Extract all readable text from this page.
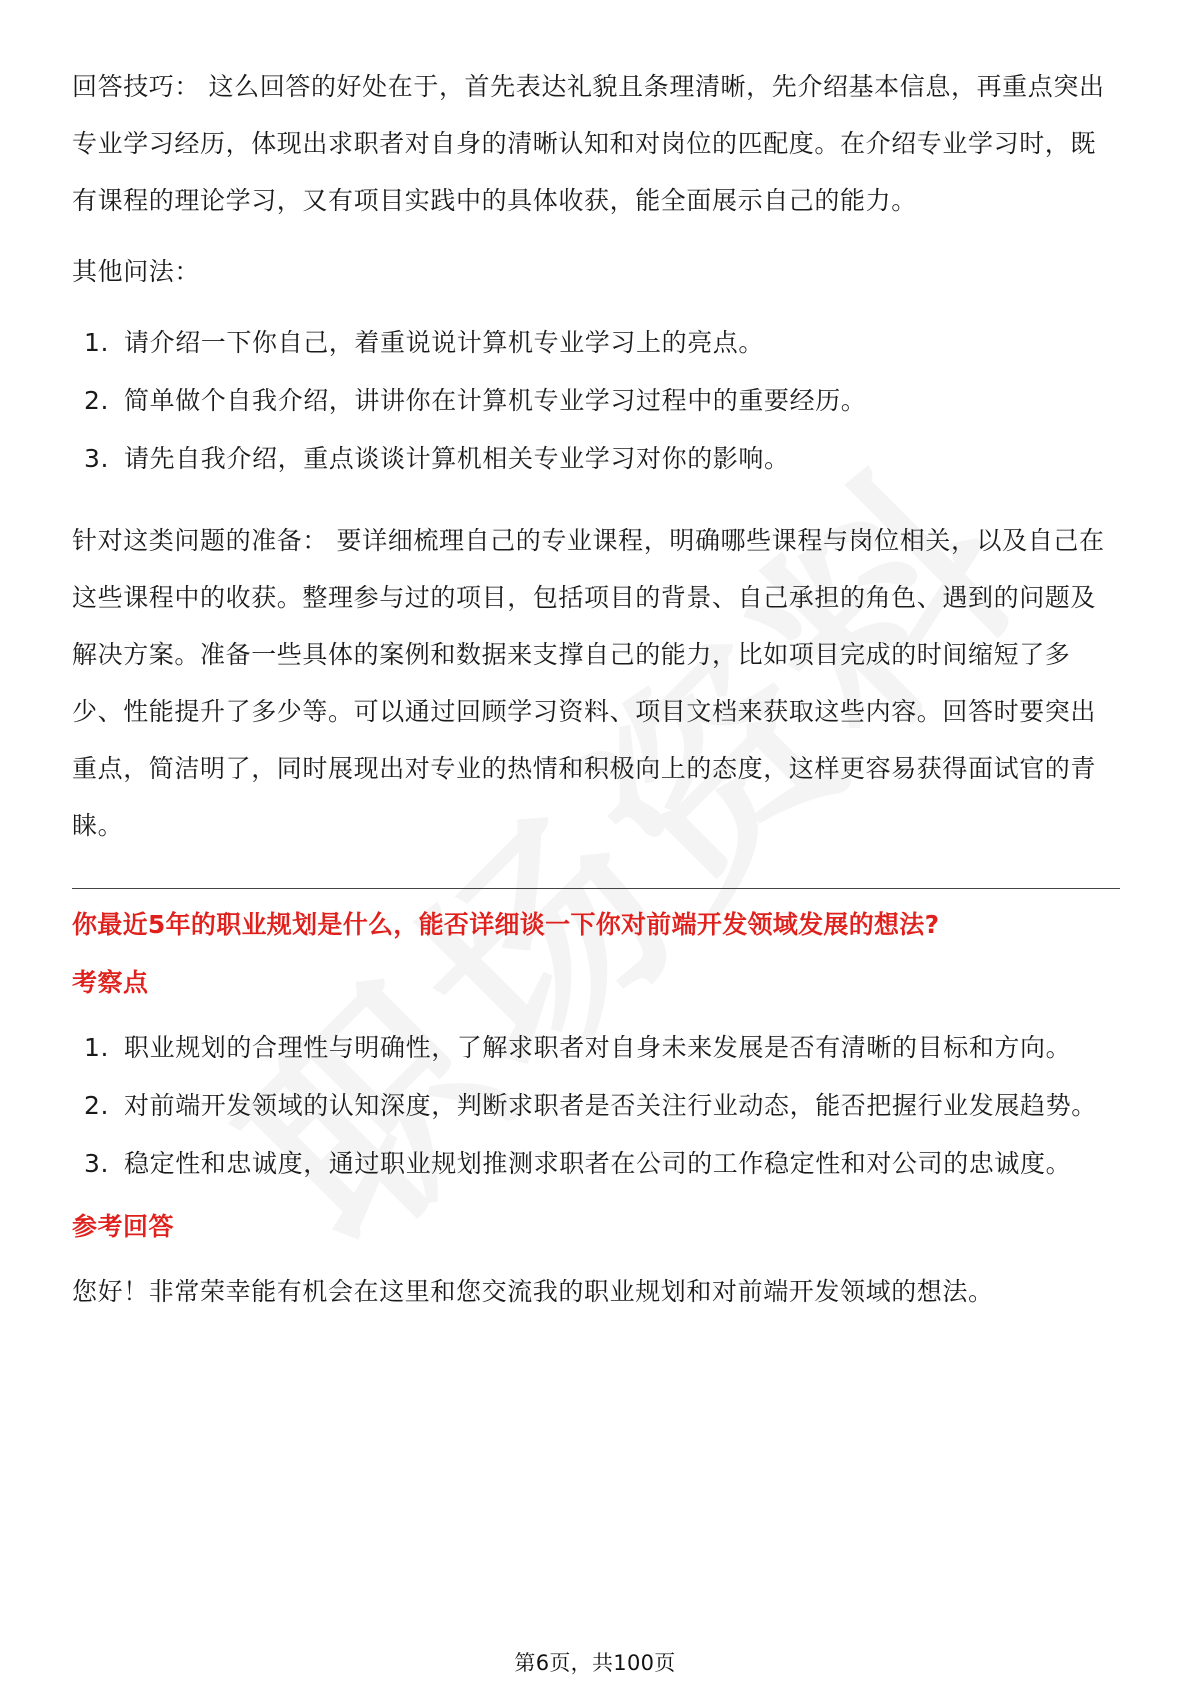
回答技巧： 这么回答的好处在于，首先表达礼貌且条理清晰，先介绍基本信息，再重点突出专业学习经历，体现出求职者对自身的清晰认知和对岗位的匹配度。在介绍专业学习时，既有课程的理论学习，又有项目实践中的具体收获，能全面展示自己的能力。

其他问法：

1. 请介绍一下你自己，着重说说计算机专业学习上的亮点。
2. 简单做个自我介绍，讲讲你在计算机专业学习过程中的重要经历。
3. 请先自我介绍，重点谈谈计算机相关专业学习对你的影响。

针对这类问题的准备： 要详细梳理自己的专业课程，明确哪些课程与岗位相关，以及自己在这些课程中的收获。整理参与过的项目，包括项目的背景、自己承担的角色、遇到的问题及解决方案。准备一些具体的案例和数据来支撑自己的能力，比如项目完成的时间缩短了多少、性能提升了多少等。可以通过回顾学习资料、项目文档来获取这些内容。回答时要突出重点，简洁明了，同时展现出对专业的热情和积极向上的态度，这样更容易获得面试官的青睐。

你最近5年的职业规划是什么，能否详细谈一下你对前端开发领域发展的想法?

考察点

1. 职业规划的合理性与明确性，了解求职者对自身未来发展是否有清晰的目标和方向。
2. 对前端开发领域的认知深度，判断求职者是否关注行业动态，能否把握行业发展趋势。
3. 稳定性和忠诚度，通过职业规划推测求职者在公司的工作稳定性和对公司的忠诚度。

参考回答

您好！非常荣幸能有机会在这里和您交流我的职业规划和对前端开发领域的想法。

第6页，共100页
